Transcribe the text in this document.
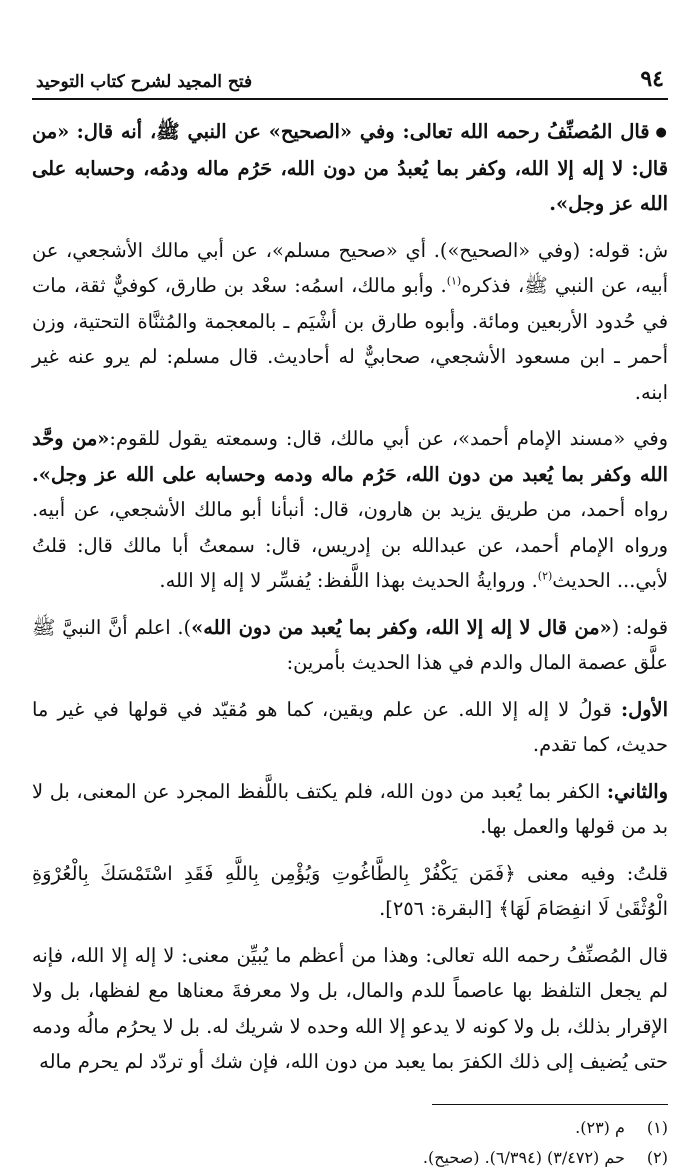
٩٤
فتح المجيد لشرح كتاب التوحيد

●قال المُصنِّفُ رحمه الله تعالى: وفي «الصحيح» عن النبي ﷺ، أنه قال: «من قال: لا إله إلا الله، وكفر بما يُعبدُ من دون الله، حَرُم ماله ودمُه، وحسابه على الله عز وجل».

ش: قوله: (وفي «الصحيح»). أي «صحيح مسلم»، عن أبي مالك الأشجعي، عن أبيه، عن النبي ﷺ، فذكره$^{(١)}$. وأبو مالك، اسمُه: سعْد بن طارق، كوفيٌّ ثقة، مات في حُدود الأربعين ومائة. وأبوه طارق بن أشْيَم ـ بالمعجمة والمُثنَّاة التحتية، وزن أحمر ـ ابن مسعود الأشجعي، صحابيٌّ له أحاديث. قال مسلم: لم يرو عنه غير ابنه.

وفي «مسند الإمام أحمد»، عن أبي مالك، قال: وسمعته يقول للقوم:«من وحَّد الله وكفر بما يُعبد من دون الله، حَرُم ماله ودمه وحسابه على الله عز وجل». رواه أحمد، من طريق يزيد بن هارون، قال: أنبأنا أبو مالك الأشجعي، عن أبيه. ورواه الإمام أحمد، عن عبدالله بن إدريس، قال: سمعتُ أبا مالك قال: قلتُ لأبي... الحديث$^{(٢)}$. وروايةُ الحديث بهذا اللَّفظ: يُفسِّر لا إله إلا الله.

قوله: («من قال لا إله إلا الله، وكفر بما يُعبد من دون الله»). اعلم أنَّ النبيَّ ﷺ علَّق عصمة المال والدم في هذا الحديث بأمرين:

الأول: قولُ لا إله إلا الله. عن علم ويقين، كما هو مُقيّد في قولها في غير ما حديث، كما تقدم.

والثاني: الكفر بما يُعبد من دون الله، فلم يكتف باللَّفظ المجرد عن المعنى، بل لا بد من قولها والعمل بها.

قلتُ: وفيه معنى ﴿فَمَن يَكْفُرْ بِالطَّاغُوتِ وَيُؤْمِن بِاللَّهِ فَقَدِ اسْتَمْسَكَ بِالْعُرْوَةِ الْوُثْقَىٰ لَا انفِصَامَ لَهَا﴾ [البقرة: ٢٥٦].

قال المُصنِّفُ رحمه الله تعالى: وهذا من أعظم ما يُبيِّن معنى: لا إله إلا الله، فإنه لم يجعل التلفظ بها عاصماً للدم والمال، بل ولا معرفةَ معناها مع لفظها، بل ولا الإقرار بذلك، بل ولا كونه لا يدعو إلا الله وحده لا شريك له. بل لا يحرُم مالُه ودمه حتى يُضيف إلى ذلك الكفرَ بما يعبد من دون الله، فإن شك أو تردّد لم يحرم ماله

(١)م (٢٣).

(٢)حم (٣/٤٧٢) (٦/٣٩٤). (صحيح).
